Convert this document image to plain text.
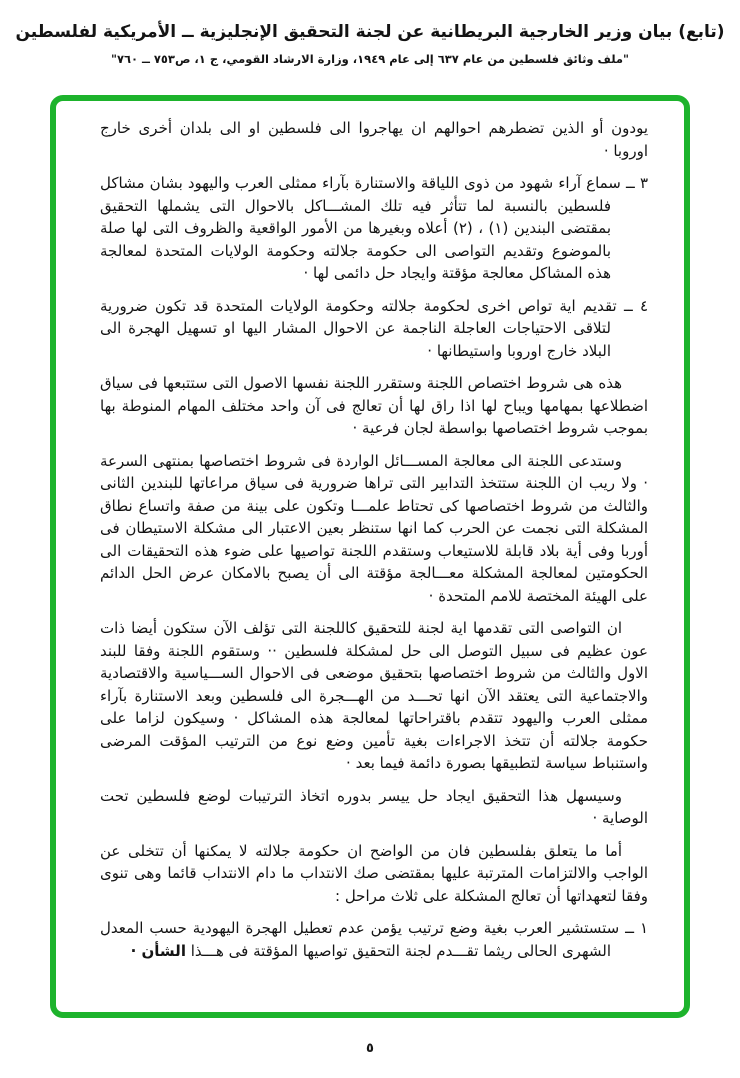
(تابع) بيان وزير الخارجية البريطانية عن لجنة التحقيق الإنجليزية ــ الأمريكية لفلسطين
"ملف وثائق فلسطين من عام ٦٣٧ إلى عام ١٩٤٩، وزارة الارشاد القومي، ج ١، ص٧٥٣ ــ ٧٦٠"

يودون أو الذين تضطرهم احوالهم ان يهاجروا الى فلسطين او الى بلدان أخرى خارج اوروبا ·

٣ ــ سماع آراء شهود من ذوى اللياقة والاستنارة بآراء ممثلى العرب واليهود بشان مشاكل فلسطين بالنسبة لما تتأثر فيه تلك المشـــاكل بالاحوال التى يشملها التحقيق بمقتضى البندين (١) ، (٢) أعلاه وبغيرها من الأمور الواقعية والظروف التى لها صلة بالموضوع وتقديم التواصى الى حكومة جلالته وحكومة الولايات المتحدة لمعالجة هذه المشاكل معالجة مؤقتة وايجاد حل دائمى لها ·

٤ ــ تقديم اية تواص اخرى لحكومة جلالته وحكومة الولايات المتحدة قد تكون ضرورية لتلاقى الاحتياجات العاجلة الناجمة عن الاحوال المشار اليها او تسهيل الهجرة الى البلاد خارج اوروبا واستيطانها ·

هذه هى شروط اختصاص اللجنة وستقرر اللجنة نفسها الاصول التى ستتبعها فى سياق اضطلاعها بمهامها ويباح لها اذا راق لها أن تعالج فى آن واحد مختلف المهام المنوطة بها بموجب شروط اختصاصها بواسطة لجان فرعية ·

وستدعى اللجنة الى معالجة المســـائل الواردة فى شروط اختصاصها بمنتهى السرعة · ولا ريب ان اللجنة ستتخذ التدابير التى تراها ضرورية فى سياق مراعاتها للبندين الثانى والثالث من شروط اختصاصها كى تحتاط علمـــا وتكون على بينة من صفة واتساع نطاق المشكلة التى نجمت عن الحرب كما انها ستنظر بعين الاعتبار الى مشكلة الاستيطان فى أوربا وفى أية بلاد قابلة للاستيعاب وستقدم اللجنة تواصيها على ضوء هذه التحقيقات الى الحكومتين لمعالجة المشكلة معـــالجة مؤقتة الى أن يصبح بالامكان عرض الحل الدائم على الهيئة المختصة للامم المتحدة ·

ان التواصى التى تقدمها اية لجنة للتحقيق كاللجنة التى تؤلف الآن ستكون أيضا ذات عون عظيم فى سبيل التوصل الى حل لمشكلة فلسطين ·· وستقوم اللجنة وفقا للبند الاول والثالث من شروط اختصاصها بتحقيق موضعى فى الاحوال الســـياسية والاقتصادية والاجتماعية التى يعتقد الآن انها تحـــد من الهـــجرة الى فلسطين وبعد الاستنارة بآراء ممثلى العرب واليهود تتقدم باقتراحاتها لمعالجة هذه المشاكل · وسيكون لزاما على حكومة جلالته أن تتخذ الاجراءات بغية تأمين وضع نوع من الترتيب المؤقت المرضى واستنباط سياسة لتطبيقها بصورة دائمة فيما بعد ·

وسيسهل هذا التحقيق ايجاد حل ييسر بدوره اتخاذ الترتيبات لوضع فلسطين تحت الوصاية ·

أما ما يتعلق بفلسطين فان من الواضح ان حكومة جلالته لا يمكنها أن تتخلى عن الواجب والالتزامات المترتبة عليها بمقتضى صك الانتداب ما دام الانتداب قائما وهى تنوى وفقا لتعهداتها أن تعالج المشكلة على ثلاث مراحل :

١ ــ ستستشير العرب بغية وضع ترتيب يؤمن عدم تعطيل الهجرة اليهودية حسب المعدل الشهرى الحالى ريثما تقـــدم لجنة التحقيق تواصيها المؤقتة فى هـــذا الشأن ·

٥
